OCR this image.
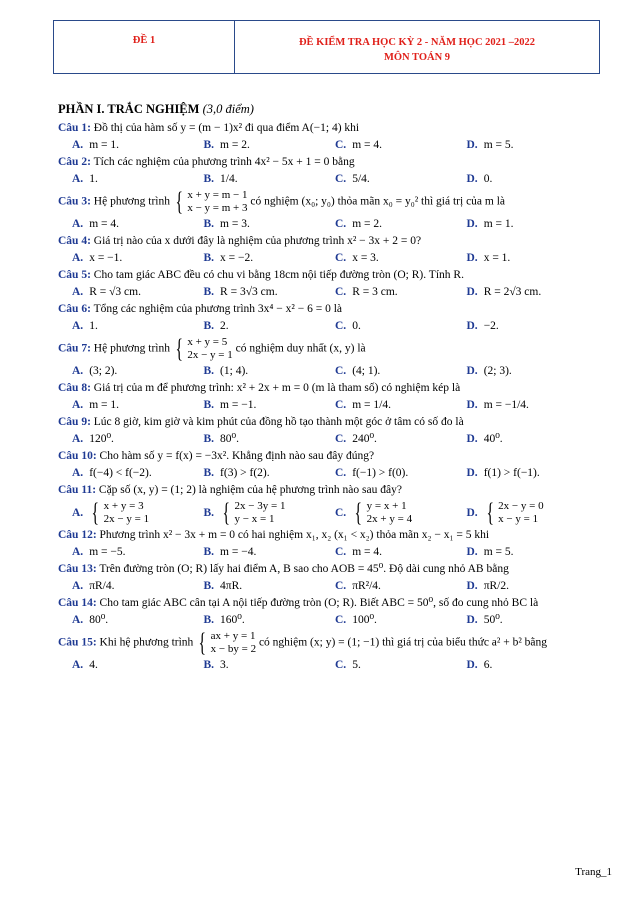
ĐỀ 1	ĐỀ KIỂM TRA HỌC KỲ 2 - NĂM HỌC 2021 –2022
MÔN TOÁN 9
PHẦN I. TRẮC NGHIỆM (3,0 điểm)
Câu 1: Đồ thị của hàm số y = (m − 1)x² đi qua điểm A(−1; 4) khi
A. m = 1.	B. m = 2.	C. m = 4.	D. m = 5.
Câu 2: Tích các nghiệm của phương trình 4x² − 5x + 1 = 0 bằng
A. 1.	B. 1/4.	C. 5/4.	D. 0.
Câu 3: Hệ phương trình { x + y = m − 1
x − y = m + 3
có nghiệm (x₀; y₀) thỏa mãn x₀ = y₀² thì giá trị của m là
A. m = 4.	B. m = 3.	C. m = 2.	D. m = 1.
Câu 4: Giá trị nào của x dưới đây là nghiệm của phương trình x² − 3x + 2 = 0?
A. x = −1.	B. x = −2.	C. x = 3.	D. x = 1.
Câu 5: Cho tam giác ABC đều có chu vi bằng 18cm nội tiếp đường tròn (O; R). Tính R.
A. R = √3 cm.	B. R = 3√3 cm.	C. R = 3 cm.	D. R = 2√3 cm.
Câu 6: Tổng các nghiệm của phương trình 3x⁴ − x² − 6 = 0 là
A. 1.	B. 2.	C. 0.	D. −2.
Câu 7: Hệ phương trình { x + y = 5
2x − y = 1
có nghiệm duy nhất (x, y) là
A. (3; 2).	B. (1; 4).	C. (4; 1).	D. (2; 3).
Câu 8: Giá trị của m để phương trình: x² + 2x + m = 0 (m là tham số) có nghiệm kép là
A. m = 1.	B. m = −1.	C. m = 1/4.	D. m = −1/4.
Câu 9: Lúc 8 giờ, kim giờ và kim phút của đồng hồ tạo thành một góc ở tâm có số đo là
A. 120⁰.	B. 80⁰.	C. 240⁰.	D. 40⁰.
Câu 10: Cho hàm số y = f(x) = −3x². Khẳng định nào sau đây đúng?
A. f(−4) < f(−2).	B. f(3) > f(2).	C. f(−1) > f(0).	D. f(1) > f(−1).
Câu 11: Cặp số (x, y) = (1; 2) là nghiệm của hệ phương trình nào sau đây?
A. { x + y = 3
2x − y = 1
B. { 2x − 3y = 1
y − x = 1
C. { y = x + 1
2x + y = 4
D. { 2x − y = 0
x − y = 1
Câu 12: Phương trình x² − 3x + m = 0 có hai nghiệm x₁, x₂ (x₁ < x₂) thỏa mãn x₂ − x₁ = 5 khi
A. m = −5.	B. m = −4.	C. m = 4.	D. m = 5.
Câu 13: Trên đường tròn (O; R) lấy hai điểm A, B sao cho AOB = 45⁰. Độ dài cung nhỏ AB bằng
A. πR/4.	B. 4πR.	C. πR²/4.	D. πR/2.
Câu 14: Cho tam giác ABC cân tại A nội tiếp đường tròn (O; R). Biết ABC = 50⁰, số đo cung nhỏ BC là
A. 80⁰.	B. 160⁰.	C. 100⁰.	D. 50⁰.
Câu 15: Khi hệ phương trình { ax + y = 1
x − by = 2
có nghiệm (x; y) = (1; −1) thì giá trị của biểu thức a² + b² bằng
A. 4.	B. 3.	C. 5.	D. 6.
Trang_1
